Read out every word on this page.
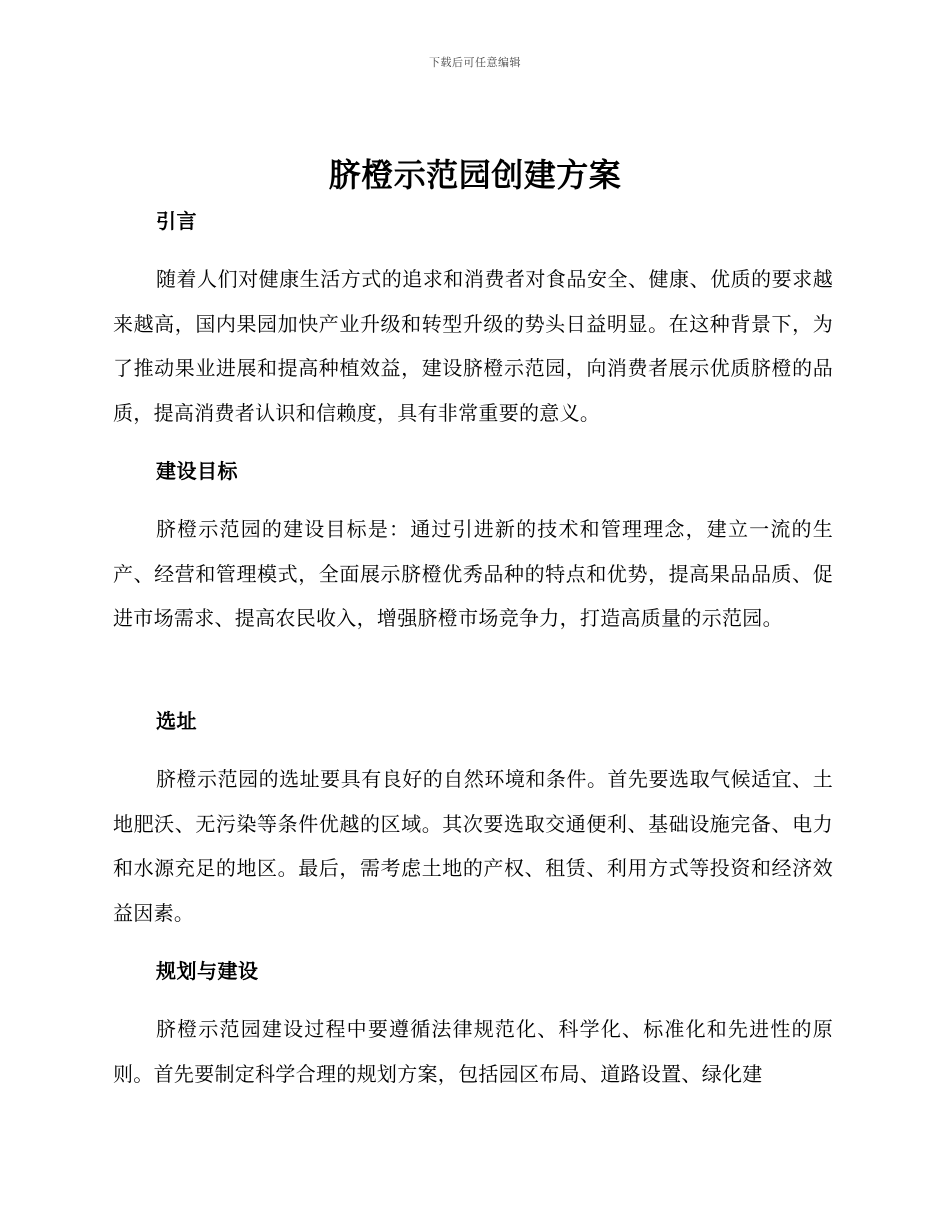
下载后可任意编辑
脐橙示范园创建方案
引言
随着人们对健康生活方式的追求和消费者对食品安全、健康、优质的要求越来越高，国内果园加快产业升级和转型升级的势头日益明显。在这种背景下，为了推动果业进展和提高种植效益，建设脐橙示范园，向消费者展示优质脐橙的品质，提高消费者认识和信赖度，具有非常重要的意义。
建设目标
脐橙示范园的建设目标是：通过引进新的技术和管理理念，建立一流的生产、经营和管理模式，全面展示脐橙优秀品种的特点和优势，提高果品品质、促进市场需求、提高农民收入，增强脐橙市场竞争力，打造高质量的示范园。
选址
脐橙示范园的选址要具有良好的自然环境和条件。首先要选取气候适宜、土地肥沃、无污染等条件优越的区域。其次要选取交通便利、基础设施完备、电力和水源充足的地区。最后，需考虑土地的产权、租赁、利用方式等投资和经济效益因素。
规划与建设
脐橙示范园建设过程中要遵循法律规范化、科学化、标准化和先进性的原则。首先要制定科学合理的规划方案，包括园区布局、道路设置、绿化建
